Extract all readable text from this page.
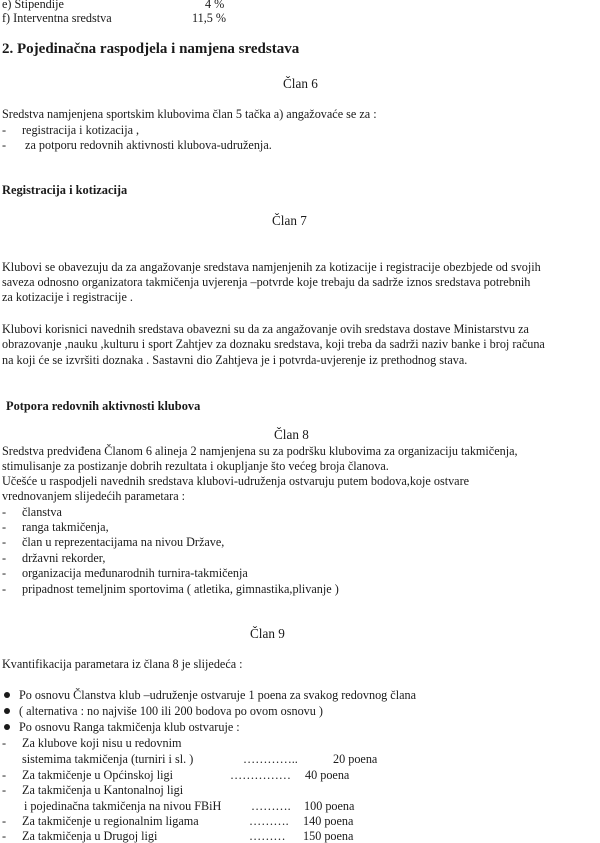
e) Stipendije	4 %
f) Interventna sredstva	11,5 %
2. Pojedinačna raspodjela i namjena sredstava
Član 6
Sredstva namjenjena sportskim klubovima član 5 tačka a) angažovaće se za :
- registracija i kotizacija ,
- za potporu redovnih aktivnosti klubova-udruženja.
Registracija i kotizacija
Član 7
Klubovi se obavezuju da za angažovanje sredstava namjenjenih za kotizacije i registracije obezbjede od svojih
saveza odnosno organizatora takmičenja uvjerenja –potvrde koje trebaju da sadrže iznos sredstava potrebnih
za kotizacije i registracije .
Klubovi korisnici navednih sredstava obavezni su da za angažovanje ovih sredstava dostave Ministarstvu za
obrazovanje ,nauku ,kulturu i sport Zahtjev za doznaku sredstava, koji treba da sadrži naziv banke i broj računa
na koji će se izvršiti doznaka . Sastavni dio Zahtjeva je i potvrda-uvjerenje iz prethodnog stava.
Potpora redovnih aktivnosti klubova
Član 8
Sredstva predviđena Članom 6 alineja 2 namjenjena su za podršku klubovima za organizaciju takmičenja,
stimulisanje za postizanje dobrih rezultata i okupljanje što većeg broja članova.
Učešće u raspodjeli navednih sredstava klubovi-udruženja ostvaruju putem bodova,koje ostvare
vrednovanjem slijedećih parametara :
- članstva
- ranga takmičenja,
- član u reprezentacijama na nivou Države,
- državni rekorder,
- organizacija međunarodnih turnira-takmičenja
- pripadnost temeljnim sportovima ( atletika, gimnastika,plivanje )
Član 9
Kvantifikacija parametara iz člana 8 je slijedeća :
Po osnovu Članstva klub –udruženje ostvaruje 1 poena za svakog redovnog člana
( alternativa : no najviše 100 ili 200 bodova po ovom osnovu )
Po osnovu Ranga takmičenja klub ostvaruje :
- Za klubove koji nisu u redovnim
sistemima takmičenja (turniri i sl. )	…………..	20 poena
- Za takmičenje u Općinskoj ligi	…………… 40 poena
- Za takmičenja u Kantonalnoj ligi
i pojedinačna takmičenja na nivou FBiH ………. 100 poena
- Za takmičenje u regionalnim ligama	………. 140 poena
- Za takmičenja u Drugoj ligi	……… 150 poena
